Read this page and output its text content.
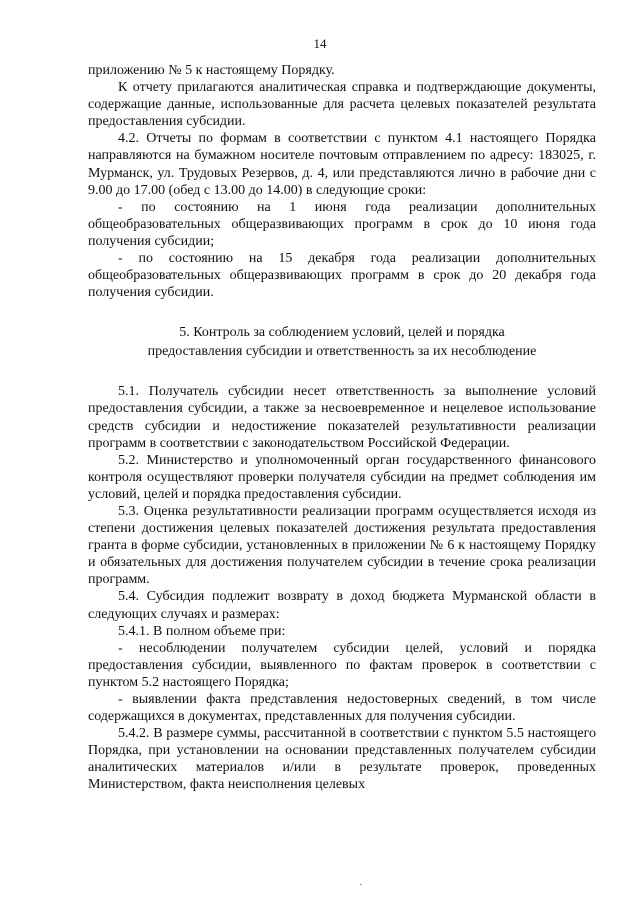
14

приложению № 5 к настоящему Порядку.

К отчету прилагаются аналитическая справка и подтверждающие документы, содержащие данные, использованные для расчета целевых показателей результата предоставления субсидии.

4.2. Отчеты по формам в соответствии с пунктом 4.1 настоящего Порядка направляются на бумажном носителе почтовым отправлением по адресу: 183025, г. Мурманск, ул. Трудовых Резервов, д. 4, или представляются лично в рабочие дни с 9.00 до 17.00 (обед с 13.00 до 14.00) в следующие сроки:

- по состоянию на 1 июня года реализации дополнительных общеобразовательных общеразвивающих программ в срок до 10 июня года получения субсидии;

- по состоянию на 15 декабря года реализации дополнительных общеобразовательных общеразвивающих программ в срок до 20 декабря года получения субсидии.

5. Контроль за соблюдением условий, целей и порядка
предоставления субсидии и ответственность за их несоблюдение

5.1. Получатель субсидии несет ответственность за выполнение условий предоставления субсидии, а также за несвоевременное и нецелевое использование средств субсидии и недостижение показателей результативности реализации программ в соответствии с законодательством Российской Федерации.

5.2. Министерство и уполномоченный орган государственного финансового контроля осуществляют проверки получателя субсидии на предмет соблюдения им условий, целей и порядка предоставления субсидии.

5.3. Оценка результативности реализации программ осуществляется исходя из степени достижения целевых показателей достижения результата предоставления гранта в форме субсидии, установленных в приложении № 6 к настоящему Порядку и обязательных для достижения получателем субсидии в течение срока реализации программ.

5.4. Субсидия подлежит возврату в доход бюджета Мурманской области в следующих случаях и размерах:

5.4.1. В полном объеме при:

- несоблюдении получателем субсидии целей, условий и порядка предоставления субсидии, выявленного по фактам проверок в соответствии с пунктом 5.2 настоящего Порядка;

- выявлении факта представления недостоверных сведений, в том числе содержащихся в документах, представленных для получения субсидии.

5.4.2. В размере суммы, рассчитанной в соответствии с пунктом 5.5 настоящего Порядка, при установлении на основании представленных получателем субсидии аналитических материалов и/или в результате проверок, проведенных Министерством, факта неисполнения целевых
